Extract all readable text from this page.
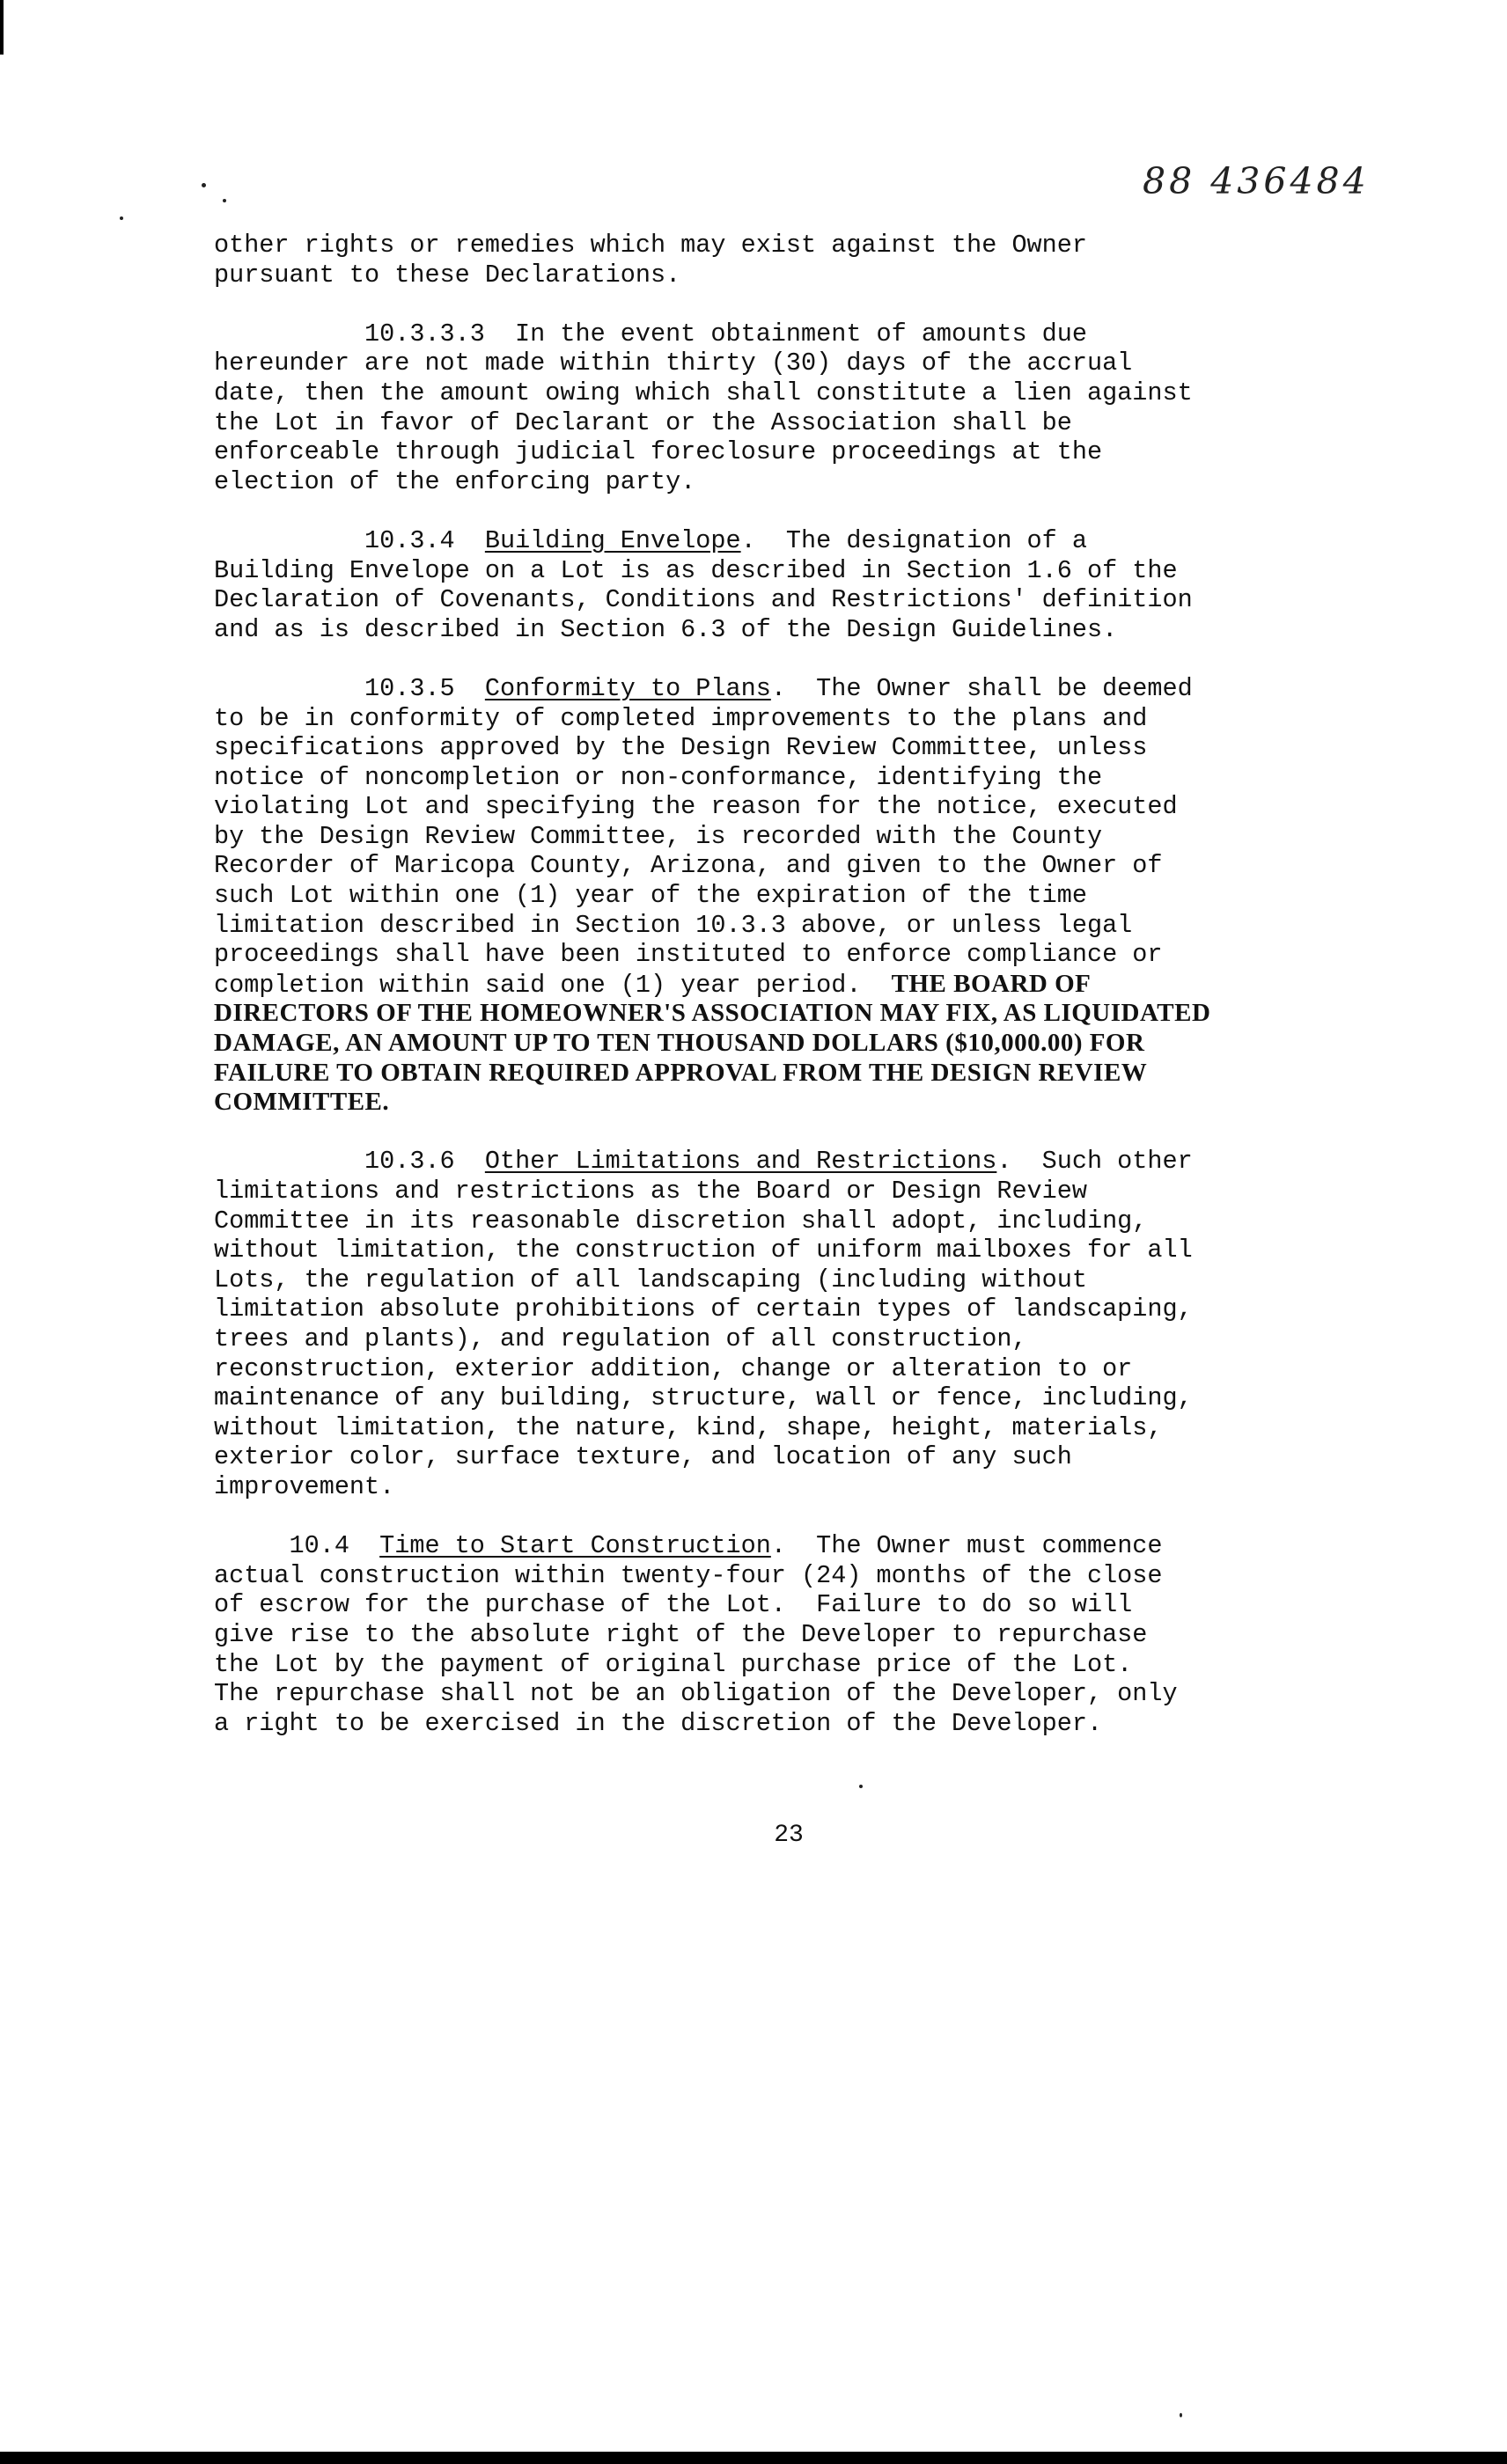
88 436484
other rights or remedies which may exist against the Owner
pursuant to these Declarations.
10.3.3.3  In the event obtainment of amounts due
hereunder are not made within thirty (30) days of the accrual
date, then the amount owing which shall constitute a lien against
the Lot in favor of Declarant or the Association shall be
enforceable through judicial foreclosure proceedings at the
election of the enforcing party.
10.3.4  Building Envelope.  The designation of a
Building Envelope on a Lot is as described in Section 1.6 of the
Declaration of Covenants, Conditions and Restrictions' definition
and as is described in Section 6.3 of the Design Guidelines.
10.3.5  Conformity to Plans.  The Owner shall be deemed
to be in conformity of completed improvements to the plans and
specifications approved by the Design Review Committee, unless
notice of noncompletion or non-conformance, identifying the
violating Lot and specifying the reason for the notice, executed
by the Design Review Committee, is recorded with the County
Recorder of Maricopa County, Arizona, and given to the Owner of
such Lot within one (1) year of the expiration of the time
limitation described in Section 10.3.3 above, or unless legal
proceedings shall have been instituted to enforce compliance or
completion within said one (1) year period.  THE BOARD OF
DIRECTORS OF THE HOMEOWNER'S ASSOCIATION MAY FIX, AS LIQUIDATED
DAMAGE, AN AMOUNT UP TO TEN THOUSAND DOLLARS ($10,000.00) FOR
FAILURE TO OBTAIN REQUIRED APPROVAL FROM THE DESIGN REVIEW
COMMITTEE.
10.3.6  Other Limitations and Restrictions.  Such other
limitations and restrictions as the Board or Design Review
Committee in its reasonable discretion shall adopt, including,
without limitation, the construction of uniform mailboxes for all
Lots, the regulation of all landscaping (including without
limitation absolute prohibitions of certain types of landscaping,
trees and plants), and regulation of all construction,
reconstruction, exterior addition, change or alteration to or
maintenance of any building, structure, wall or fence, including,
without limitation, the nature, kind, shape, height, materials,
exterior color, surface texture, and location of any such
improvement.
10.4  Time to Start Construction.  The Owner must commence
actual construction within twenty-four (24) months of the close
of escrow for the purchase of the Lot.  Failure to do so will
give rise to the absolute right of the Developer to repurchase
the Lot by the payment of original purchase price of the Lot.
The repurchase shall not be an obligation of the Developer, only
a right to be exercised in the discretion of the Developer.
23
